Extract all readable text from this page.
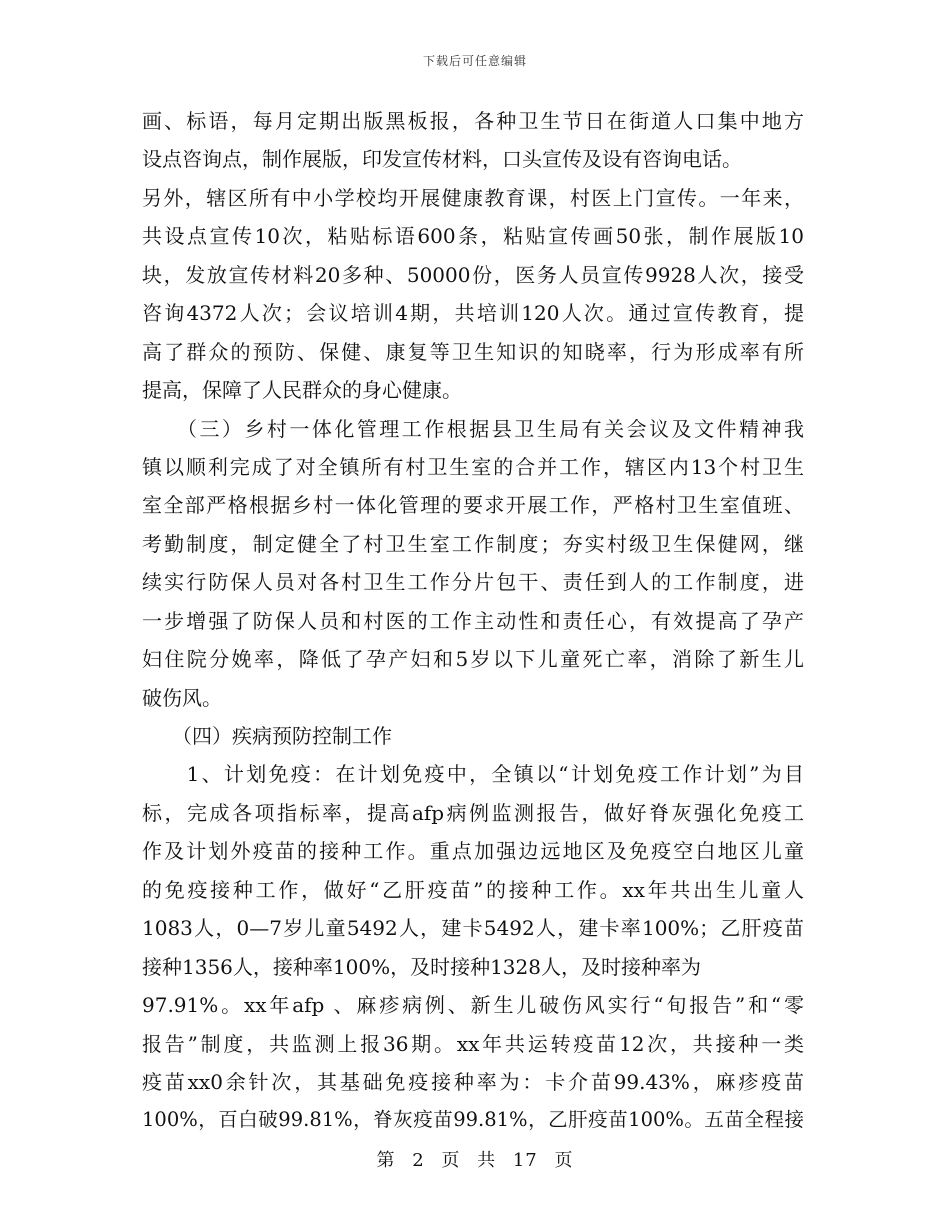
下载后可任意编辑
画、标语，每月定期出版黑板报，各种卫生节日在街道人口集中地方
设点咨询点，制作展版，印发宣传材料，口头宣传及设有咨询电话。
另外，辖区所有中小学校均开展健康教育课，村医上门宣传。一年来，
共设点宣传10次，粘贴标语600条，粘贴宣传画50张，制作展版10
块，发放宣传材料20多种、50000份，医务人员宣传9928人次，接受
咨询4372人次；会议培训4期，共培训120人次。通过宣传教育，提
高了群众的预防、保健、康复等卫生知识的知晓率，行为形成率有所
提高，保障了人民群众的身心健康。
　　（三）乡村一体化管理工作根据县卫生局有关会议及文件精神我
镇以顺利完成了对全镇所有村卫生室的合并工作，辖区内13个村卫生
室全部严格根据乡村一体化管理的要求开展工作，严格村卫生室值班、
考勤制度，制定健全了村卫生室工作制度；夯实村级卫生保健网，继
续实行防保人员对各村卫生工作分片包干、责任到人的工作制度，进
一步增强了防保人员和村医的工作主动性和责任心，有效提高了孕产
妇住院分娩率，降低了孕产妇和5岁以下儿童死亡率，消除了新生儿
破伤风。
　　（四）疾病预防控制工作
　　1、计划免疫：在计划免疫中，全镇以“计划免疫工作计划”为目
标，完成各项指标率，提高afp病例监测报告，做好脊灰强化免疫工
作及计划外疫苗的接种工作。重点加强边远地区及免疫空白地区儿童
的免疫接种工作，做好“乙肝疫苗”的接种工作。xx年共出生儿童人
1083人，0—7岁儿童5492人，建卡5492人，建卡率100%；乙肝疫苗
接种1356人，接种率100%，及时接种1328人，及时接种率为
97.91%。xx年afp 、麻疹病例、新生儿破伤风实行“旬报告”和“零
报告”制度，共监测上报36期。xx年共运转疫苗12次，共接种一类
疫苗xx0余针次，其基础免疫接种率为：卡介苗99.43%，麻疹疫苗
100%，百白破99.81%，脊灰疫苗99.81%，乙肝疫苗100%。五苗全程接
第 2 页 共 17 页
